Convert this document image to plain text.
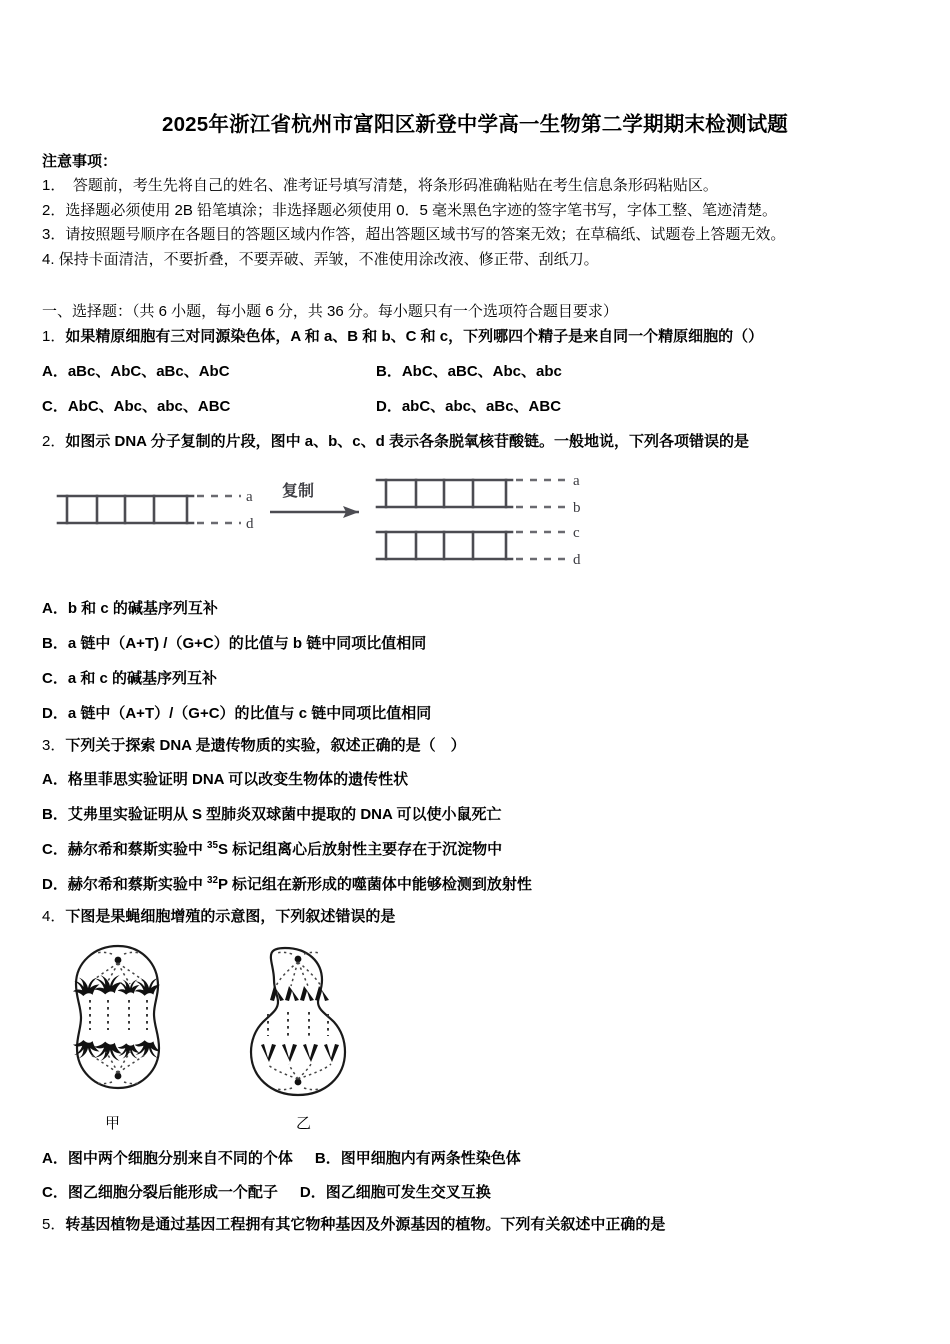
2025年浙江省杭州市富阳区新登中学高一生物第二学期期末检测试题
注意事项：
1．　答题前，考生先将自己的姓名、准考证号填写清楚，将条形码准确粘贴在考生信息条形码粘贴区。
2．选择题必须使用 2B 铅笔填涂；非选择题必须使用 0．5 毫米黑色字迹的签字笔书写，字体工整、笔迹清楚。
3．请按照题号顺序在各题目的答题区域内作答，超出答题区域书写的答案无效；在草稿纸、试题卷上答题无效。
4. 保持卡面清洁，不要折叠，不要弄破、弄皱，不准使用涂改液、修正带、刮纸刀。
一、选择题：（共 6 小题，每小题 6 分，共 36 分。每小题只有一个选项符合题目要求）
1．如果精原细胞有三对同源染色体，A 和 a、B 和 b、C 和 c，下列哪四个精子是来自同一个精原细胞的（）
A．aBc、AbC、aBc、AbC	B．AbC、aBC、Abc、abc
C．AbC、Abc、abc、ABC	D．abC、abc、aBc、ABC
2．如图示 DNA 分子复制的片段，图中 a、b、c、d 表示各条脱氧核苷酸链。一般地说，下列各项错误的是
a
d
复制
a
b
c
d
A．b 和 c 的碱基序列互补
B．a 链中（A+T) /（G+C）的比值与 b 链中同项比值相同
C．a 和 c 的碱基序列互补
D．a 链中（A+T）/（G+C）的比值与 c 链中同项比值相同
3．下列关于探索 DNA 是遗传物质的实验，叙述正确的是（　）
A．格里菲思实验证明 DNA 可以改变生物体的遗传性状
B．艾弗里实验证明从 S 型肺炎双球菌中提取的 DNA 可以使小鼠死亡
C．赫尔希和蔡斯实验中 $^{35}$S 标记组离心后放射性主要存在于沉淀物中
D．赫尔希和蔡斯实验中 $^{32}$P 标记组在新形成的噬菌体中能够检测到放射性
4．下图是果蝇细胞增殖的示意图，下列叙述错误的是
甲	乙
A．图中两个细胞分别来自不同的个体 B．图甲细胞内有两条性染色体
C．图乙细胞分裂后能形成一个配子 D．图乙细胞可发生交叉互换
5．转基因植物是通过基因工程拥有其它物种基因及外源基因的植物。下列有关叙述中正确的是
